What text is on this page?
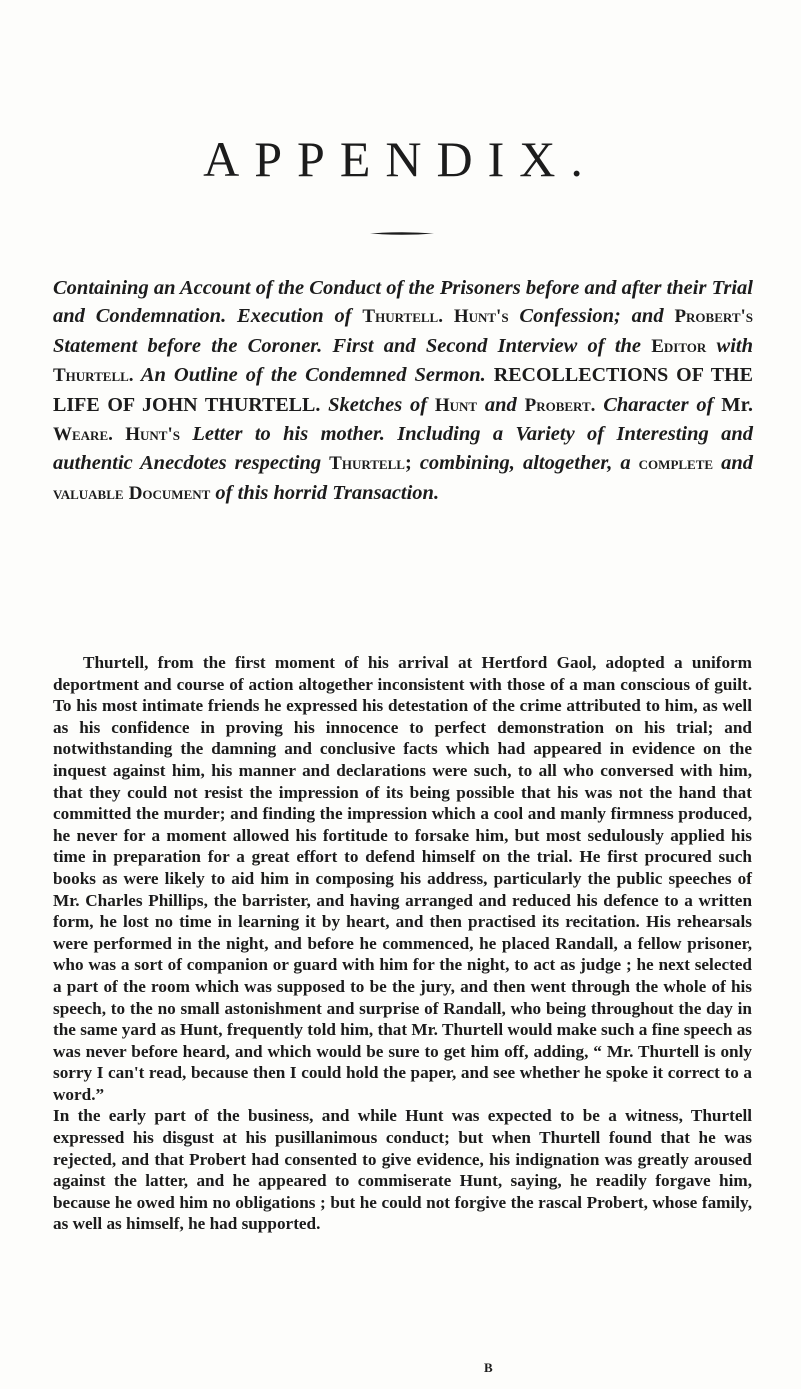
APPENDIX.

Containing an Account of the Conduct of the Prisoners before and after their Trial and Condemnation. Execution of Thurtell. Hunt's Confession; and Probert's Statement before the Coroner. First and Second Interview of the Editor with Thurtell. An Outline of the Condemned Sermon. RECOLLECTIONS OF THE LIFE OF JOHN THURTELL. Sketches of Hunt and Probert. Character of Mr. Weare. Hunt's Letter to his mother. Including a Variety of Interesting and authentic Anecdotes respecting Thurtell; combining, altogether, a complete and valuable Document of this horrid Transaction.

Thurtell, from the first moment of his arrival at Hertford Gaol, adopted a uniform deportment and course of action altogether inconsistent with those of a man conscious of guilt. To his most intimate friends he expressed his detestation of the crime attributed to him, as well as his confidence in proving his innocence to perfect demonstration on his trial; and notwithstanding the damning and conclusive facts which had appeared in evidence on the inquest against him, his manner and declarations were such, to all who conversed with him, that they could not resist the impression of its being possible that his was not the hand that committed the murder; and finding the impression which a cool and manly firmness produced, he never for a moment allowed his fortitude to forsake him, but most sedulously applied his time in preparation for a great effort to defend himself on the trial. He first procured such books as were likely to aid him in composing his address, particularly the public speeches of Mr. Charles Phillips, the barrister, and having arranged and reduced his defence to a written form, he lost no time in learning it by heart, and then practised its recitation. His rehearsals were performed in the night, and before he commenced, he placed Randall, a fellow prisoner, who was a sort of companion or guard with him for the night, to act as judge ; he next selected a part of the room which was supposed to be the jury, and then went through the whole of his speech, to the no small astonishment and surprise of Randall, who being throughout the day in the same yard as Hunt, frequently told him, that Mr. Thurtell would make such a fine speech as was never before heard, and which would be sure to get him off, adding, “ Mr. Thurtell is only sorry I can't read, because then I could hold the paper, and see whether he spoke it correct to a word.”

In the early part of the business, and while Hunt was expected to be a witness, Thurtell expressed his disgust at his pusillanimous conduct; but when Thurtell found that he was rejected, and that Probert had consented to give evidence, his indignation was greatly aroused against the latter, and he appeared to commiserate Hunt, saying, he readily forgave him, because he owed him no obligations ; but he could not forgive the rascal Probert, whose family, as well as himself, he had supported.

B
